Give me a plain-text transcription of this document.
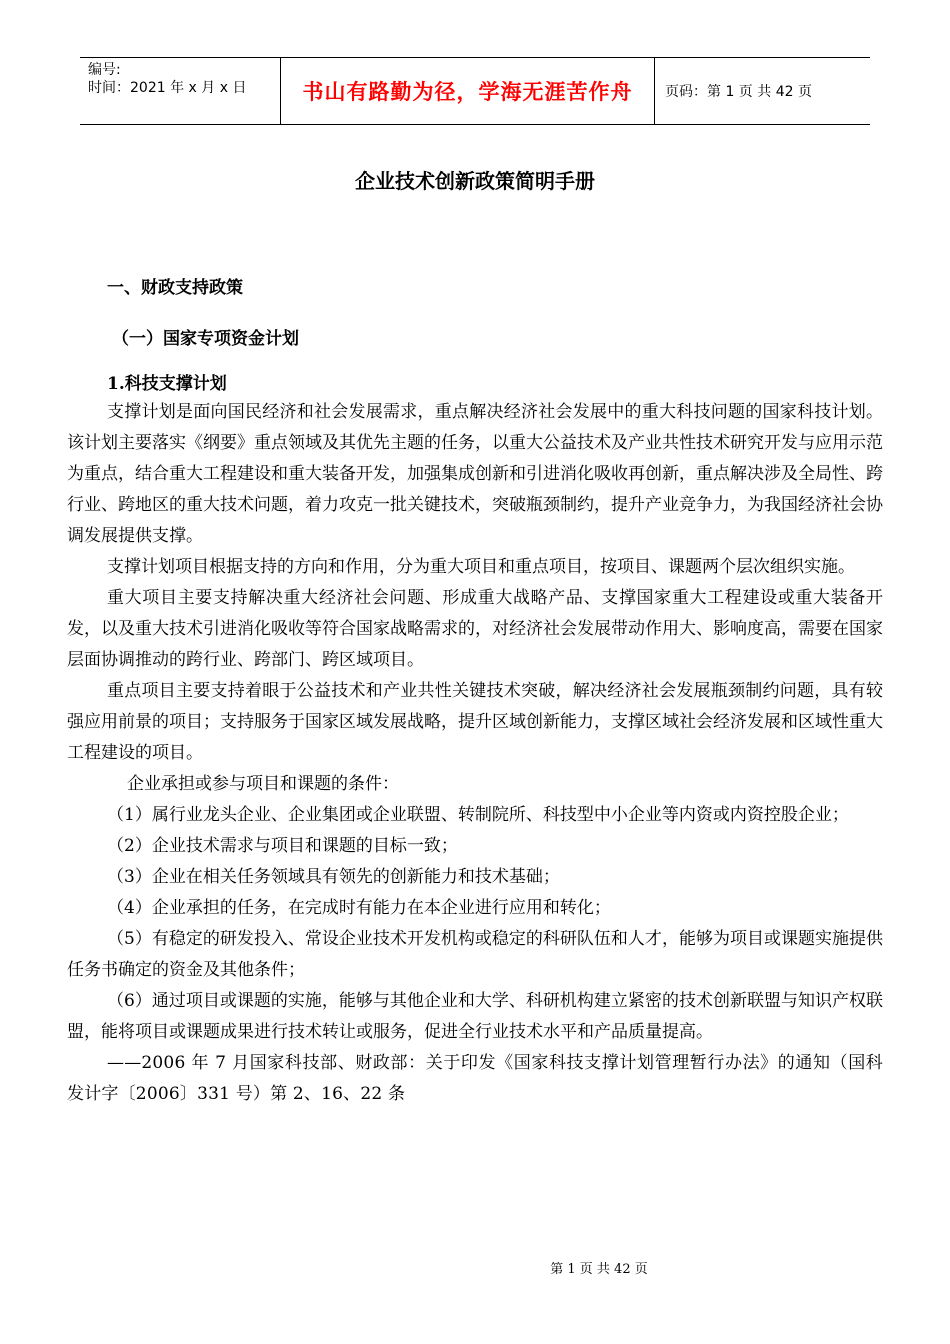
编号:
时间：2021 年 x 月 x 日	书山有路勤为径，学海无涯苦作舟	页码：第 1 页 共 42 页
企业技术创新政策简明手册
一、财政支持政策
（一）国家专项资金计划
1.科技支撑计划

支撑计划是面向国民经济和社会发展需求，重点解决经济社会发展中的重大科技问题的国家科技计划。该计划主要落实《纲要》重点领域及其优先主题的任务，以重大公益技术及产业共性技术研究开发与应用示范为重点，结合重大工程建设和重大装备开发，加强集成创新和引进消化吸收再创新，重点解决涉及全局性、跨行业、跨地区的重大技术问题，着力攻克一批关键技术，突破瓶颈制约，提升产业竞争力，为我国经济社会协调发展提供支撑。

支撑计划项目根据支持的方向和作用，分为重大项目和重点项目，按项目、课题两个层次组织实施。

重大项目主要支持解决重大经济社会问题、形成重大战略产品、支撑国家重大工程建设或重大装备开发，以及重大技术引进消化吸收等符合国家战略需求的，对经济社会发展带动作用大、影响度高，需要在国家层面协调推动的跨行业、跨部门、跨区域项目。

重点项目主要支持着眼于公益技术和产业共性关键技术突破，解决经济社会发展瓶颈制约问题，具有较强应用前景的项目；支持服务于国家区域发展战略，提升区域创新能力，支撑区域社会经济发展和区域性重大工程建设的项目。

企业承担或参与项目和课题的条件：

（1）属行业龙头企业、企业集团或企业联盟、转制院所、科技型中小企业等内资或内资控股企业；

（2）企业技术需求与项目和课题的目标一致；

（3）企业在相关任务领域具有领先的创新能力和技术基础；

（4）企业承担的任务，在完成时有能力在本企业进行应用和转化；

（5）有稳定的研发投入、常设企业技术开发机构或稳定的科研队伍和人才，能够为项目或课题实施提供任务书确定的资金及其他条件；

（6）通过项目或课题的实施，能够与其他企业和大学、科研机构建立紧密的技术创新联盟与知识产权联盟，能将项目或课题成果进行技术转让或服务，促进全行业技术水平和产品质量提高。

——2006 年 7 月国家科技部、财政部：关于印发《国家科技支撑计划管理暂行办法》的通知（国科发计字〔2006〕331 号）第 2、16、22 条

第 1 页 共 42 页
